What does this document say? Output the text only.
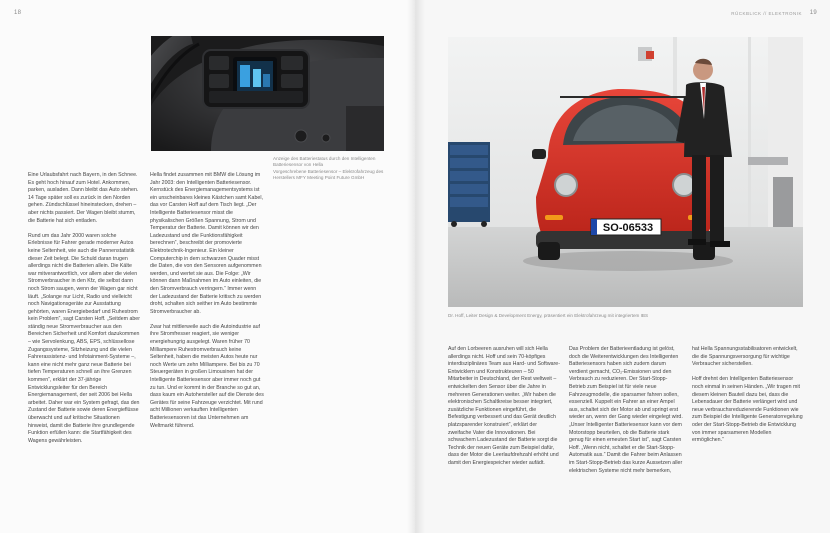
18	19
RÜCKBLICK // ELEKTRONIK
Anzeige des Batteriestatus durch den Intelligenten Batteriesensor von Hella
Vorgeschrebene Batteriesensor – Elektrofahrzeug des Herstellers MFY Meeting Point Future GmbH
SO-06533
Dr. Hoff, Leiter Design & Development Energy, präsentiert ein Elektrofahrzeug mit integriertem IBS

Eine Urlaubsfahrt nach Bayern, in den Schnee. Es geht hoch hinauf zum Hotel. Ankommen, parken, ausladen. Dann bleibt das Auto stehen. 14 Tage später soll es zurück in den Norden gehen. Zündschlüssel hineinstecken, drehen – aber nichts passiert. Der Wagen bleibt stumm, die Batterie hat sich entladen.

Rund um das Jahr 2000 waren solche Erlebnisse für Fahrer gerade moderner Autos keine Seltenheit, wie auch die Pannenstatistik dieser Zeit belegt. Die Schuld daran trugen allerdings nicht die Batterien allein. Die Kälte war mitverantwortlich, vor allem aber die vielen Stromverbraucher in den Kfz, die selbst dann noch Strom saugen, wenn der Wagen gar nicht läuft. „Solange nur Licht, Radio und vielleicht noch Navigationsgeräte zur Ausstattung gehörten, waren Energiebedarf und Ruhestrom kein Problem“, sagt Carsten Hoff. „Seitdem aber ständig neue Stromverbraucher aus den Bereichen Sicherheit und Komfort dazukommen – wie Servolenkung, ABS, EPS, schlüssellose Zugangssysteme, Sitzheizung und die vielen Fahrerassistenz- und Infotainment-Systeme –, kann eine nicht mehr ganz neue Batterie bei tiefen Temperaturen schnell an ihre Grenzen kommen“, erklärt der 37-jährige Entwicklungsleiter für den Bereich Energiemanagement, der seit 2006 bei Hella arbeitet. Daher war ein System gefragt, das den Zustand der Batterie sowie deren Energieflüsse überwacht und auf kritische Situationen hinweist, damit die Batterie ihre grundlegende Funktion erfüllen kann: die Startfähigkeit des Wagens gewährleisten.

Hella findet zusammen mit BMW die Lösung im Jahr 2003: den Intelligenten Batteriesensor. Kernstück des Energiemanagementsystems ist ein unscheinbares kleines Kästchen samt Kabel, das vor Carsten Hoff auf dem Tisch liegt. „Der Intelligente Batteriesensor misst die physikalischen Größen Spannung, Strom und Temperatur der Batterie. Damit können wir den Ladezustand und die Funktionsfähigkeit berechnen“, beschreibt der promovierte Elektrotechnik-Ingenieur. Ein kleiner Computerchip in dem schwarzen Quader misst die Daten, die von den Sensoren aufgenommen werden, und wertet sie aus. Die Folge: „Wir können dann Maßnahmen im Auto einleiten, die den Stromverbrauch verringern.“ Immer wenn der Ladezustand der Batterie kritisch zu werden droht, schalten sich seither im Auto bestimmte Stromverbraucher ab.

Zwar hat mittlerweile auch die Autoindustrie auf ihre Stromfresser reagiert, sie weniger energiehungrig ausgelegt. Waren früher 70 Milliampere Ruhestromverbrauch keine Seltenheit, haben die meisten Autos heute nur noch Werte um zehn Milliampere. Bei bis zu 70 Steuergeräten in großen Limousinen hat der Intelligente Batteriesensor aber immer noch gut zu tun. Und er kommt in der Branche so gut an, dass kaum ein Autohersteller auf die Dienste des Gerätes für seine Fahrzeuge verzichtet. Mit rund acht Millionen verkauften Intelligenten Batteriesensoren ist das Unternehmen am Weltmarkt führend.

Auf den Lorbeeren ausruhen will sich Hella allerdings nicht. Hoff und sein 70-köpfiges interdisziplinäres Team aus Hard- und Software-Entwicklern und Konstrukteuren – 50 Mitarbeiter in Deutschland, der Rest weltweit – entwickelten den Sensor über die Jahre in mehreren Generationen weiter. „Wir haben die elektronischen Schaltkreise besser integriert, zusätzliche Funktionen eingeführt, die Befestigung verbessert und das Gerät deutlich platzsparender konstruiert“, erklärt der zweifache Vater die Innovationen. Bei schwachem Ladezustand der Batterie sorgt die Technik der neuen Geräte zum Beispiel dafür, dass der Motor die Leerlaufdrehzahl erhöht und damit den Energiespeicher wieder aufädt.

Das Problem der Batterieentladung ist gelöst, doch die Weiterentwicklungen des Intelligenten Batteriesensors haben sich zudem darum verdient gemacht, CO₂-Emissionen und den Verbrauch zu reduzieren. Der Start-Stopp-Betrieb zum Beispiel ist für viele neue Fahrzeugmodelle, die sparsamer fahren sollen, essenziell. Kuppelt ein Fahrer an einer Ampel aus, schaltet sich der Motor ab und springt erst wieder an, wenn der Gang wieder eingelegt wird. „Unser Intelligenter Batteriesensor kann vor dem Motorstopp beurteilen, ob die Batterie stark genug für einen erneuten Start ist“, sagt Carsten Hoff. „Wenn nicht, schaltet er die Start-Stopp-Automatik aus.“ Damit die Fahrer beim Anlassen im Start-Stopp-Betrieb das kurze Aussetzen aller elektrischen Systeme nicht mehr bemerken,

hat Hella Spannungsstabilisatoren entwickelt, die die Spannungsversorgung für wichtige Verbraucher sicherstellen.

Hoff drehnt den Intelligenten Batteriesensor noch einmal in seinen Händen. „Wir tragen mit diesem kleinen Bauteil dazu bei, dass die Lebensdauer der Batterie verlängert wird und neue verbrauchsreduzierende Funktionen wie zum Beispiel die Intelligente Generatorregelung oder der Start-Stopp-Betrieb die Entwicklung von immer sparsameren Modellen ermöglichen.“
